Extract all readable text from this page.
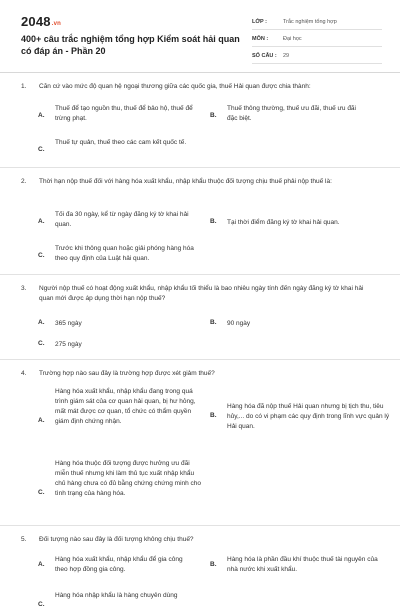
2048.vn
400+ câu trắc nghiệm tổng hợp Kiểm soát hải quan có đáp án - Phần 20
LỚP :	Trắc nghiệm tổng hợp
MÔN :	Đại học
SỐ CÂU : 29
1. Căn cứ vào mức độ quan hệ ngoại thương giữa các quốc gia, thuế Hải quan được chia thành:
A.
Thuế để tạo nguồn thu, thuế để bảo hộ, thuế để trừng phạt.	B.
Thuế thông thường, thuế ưu đãi, thuế ưu đãi đặc biệt.
C.
Thuế tự quản, thuế theo các cam kết quốc tế.
2. Thời hạn nộp thuế đối với hàng hóa xuất khẩu, nhập khẩu thuộc đối tượng chịu thuế phải nộp thuế là:
A.
Tối đa 30 ngày, kể từ ngày đăng ký tờ khai hải quan.	B. Tại thời điểm đăng ký tờ khai hải quan.
C.
Trước khi thông quan hoặc giải phóng hàng hóa theo quy định của Luật hải quan.
3. Người nộp thuế có hoạt động xuất khẩu, nhập khẩu tối thiểu là bao nhiêu ngày tính đến ngày đăng ký tờ khai hải quan mới được áp dụng thời hạn nộp thuế?
A. 365 ngày	B. 90 ngày
C. 275 ngày
4. Trường hợp nào sau đây là trường hợp được xét giảm thuế?
A.
Hàng hóa xuất khẩu, nhập khẩu đang trong quá trình giám sát của cơ quan hải quan, bị hư hỏng, mất mát được cơ quan, tổ chức có thẩm quyền giám định chứng nhận.
B.
Hàng hóa đã nộp thuế Hải quan nhưng bị tịch thu, tiêu hủy,... do có vi phạm các quy định trong lĩnh vực quản lý Hải quan.
C.
Hàng hóa thuộc đối tượng được hưởng ưu đãi miễn thuế nhưng khi làm thủ tục xuất nhập khẩu chủ hàng chưa có đủ bằng chứng chứng minh cho tình trạng của hàng hóa.
5. Đối tượng nào sau đây là đối tượng không chịu thuế?
A.
Hàng hóa xuất khẩu, nhập khẩu để gia công theo hợp đồng gia công.
B.
Hàng hóa là phần đầu khí thuộc thuế tài nguyên của nhà nước khi xuất khẩu.
C.
Hàng hóa nhập khẩu là hàng chuyên dùng
